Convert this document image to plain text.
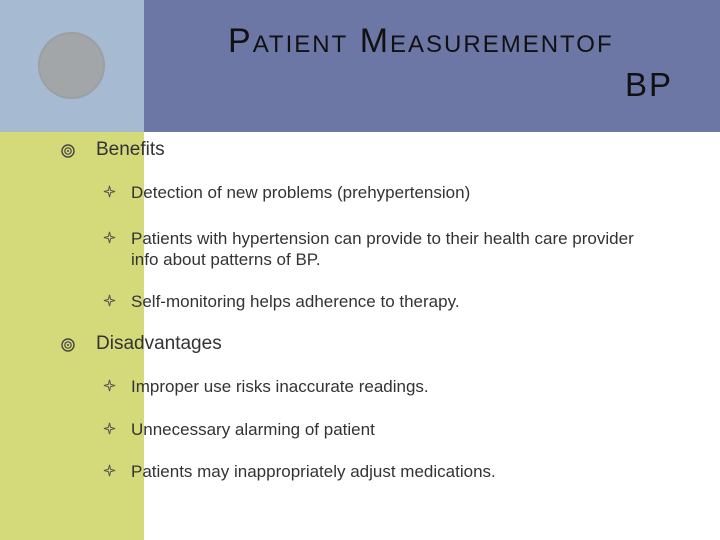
PATIENT MEASUREMENTOF
BP
Benefits
Detection of new problems (prehypertension)
Patients with hypertension can provide to their health care provider info about patterns of BP.
Self-monitoring helps adherence to therapy.
Disadvantages
Improper use risks inaccurate readings.
Unnecessary alarming of patient
Patients may inappropriately adjust medications.
